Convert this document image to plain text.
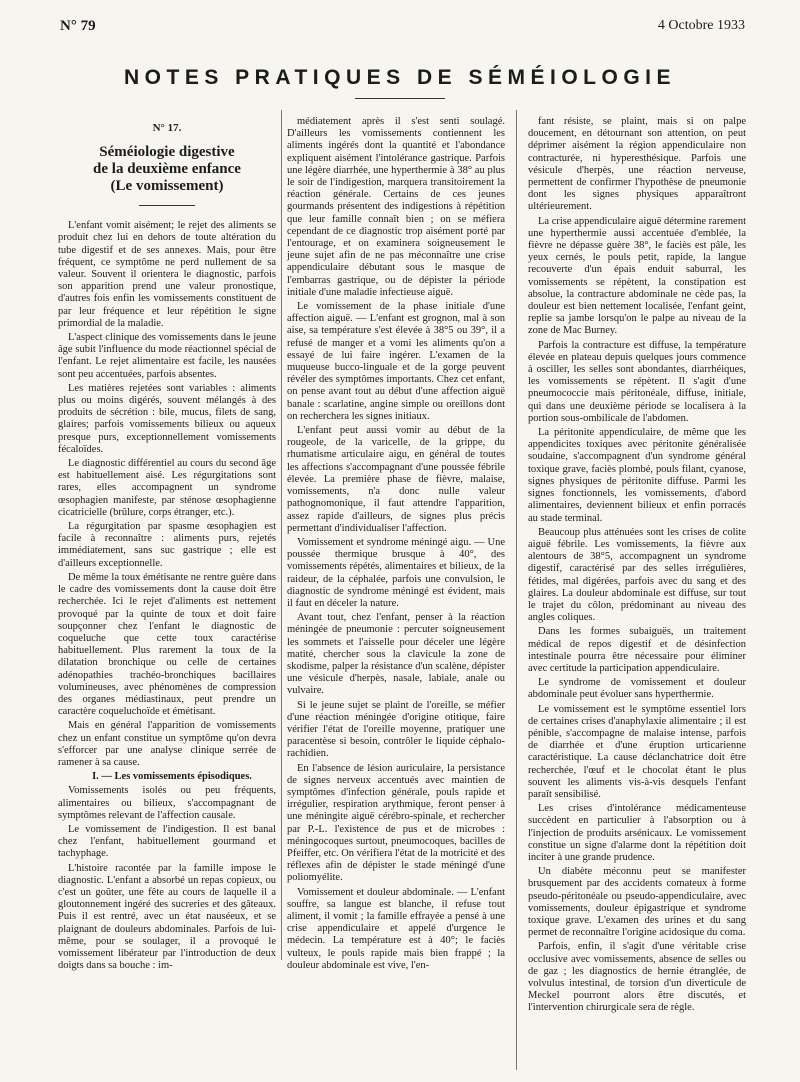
N° 79	4 Octobre 1933
NOTES PRATIQUES DE SÉMÉIOLOGIE
N° 17.
Séméiologie digestive
de la deuxième enfance
(Le vomissement)

L'enfant vomit aisément; le rejet des aliments se produit chez lui en dehors de toute altération du tube digestif et de ses annexes. Mais, pour être fréquent, ce symptôme ne perd nullement de sa valeur. Souvent il orientera le diagnostic, parfois son apparition prend une valeur pronostique, d'autres fois enfin les vomissements constituent de par leur fréquence et leur répétition le signe primordial de la maladie.

L'aspect clinique des vomissements dans le jeune âge subit l'influence du mode réactionnel spécial de l'enfant. Le rejet alimentaire est facile, les nausées sont peu accentuées, parfois absentes.

Les matières rejetées sont variables : aliments plus ou moins digérés, souvent mélangés à des produits de sécrétion : bile, mucus, filets de sang, glaires; parfois vomissements bilieux ou aqueux presque purs, exceptionnellement vomissements fécaloïdes.

Le diagnostic différentiel au cours du second âge est habituellement aisé. Les régurgitations sont rares, elles accompagnent un syndrome œsophagien manifeste, par sténose œsophagienne cicatricielle (brûlure, corps étranger, etc.).

La régurgitation par spasme œsophagien est facile à reconnaître : aliments purs, rejetés immédiatement, sans suc gastrique ; elle est d'ailleurs exceptionnelle.

De même la toux émétisante ne rentre guère dans le cadre des vomissements dont la cause doit être recherchée. Ici le rejet d'aliments est nettement provoqué par la quinte de toux et doit faire soupçonner chez l'enfant le diagnostic de coqueluche que cette toux caractérise habituellement. Plus rarement la toux de la dilatation bronchique ou celle de certaines adénopathies trachéo-bronchiques bacillaires volumineuses, avec phénomènes de compression des organes médiastinaux, peut prendre un caractère coqueluchoïde et émétisant.

Mais en général l'apparition de vomissements chez un enfant constitue un symptôme qu'on devra s'efforcer par une analyse clinique serrée de ramener à sa cause.

I. — Les vomissements épisodiques.

Vomissements isolés ou peu fréquents, alimentaires ou bilieux, s'accompagnant de symptômes relevant de l'affection causale.

Le vomissement de l'indigestion. Il est banal chez l'enfant, habituellement gourmand et tachyphage.

L'histoire racontée par la famille impose le diagnostic. L'enfant a absorbé un repas copieux, ou c'est un goûter, une fête au cours de laquelle il a gloutonnement ingéré des sucreries et des gâteaux. Puis il est rentré, avec un état nauséeux, et se plaignant de douleurs abdominales. Parfois de lui-même, pour se soulager, il a provoqué le vomissement libérateur par l'introduction de deux doigts dans sa bouche : im-

médiatement après il s'est senti soulagé. D'ailleurs les vomissements contiennent les aliments ingérés dont la quantité et l'abondance expliquent aisément l'intolérance gastrique. Parfois une légère diarrhée, une hyperthermie à 38° au plus le soir de l'indigestion, marquera transitoirement la réaction générale. Certains de ces jeunes gourmands présentent des indigestions à répétition que leur famille connaît bien ; on se méfiera cependant de ce diagnostic trop aisément porté par l'entourage, et on examinera soigneusement le jeune sujet afin de ne pas méconnaître une crise appendiculaire débutant sous le masque de l'embarras gastrique, ou de dépister la période initiale d'une maladie infectieuse aiguë.

Le vomissement de la phase initiale d'une affection aiguë. — L'enfant est grognon, mal à son aise, sa température s'est élevée à 38°5 ou 39°, il a refusé de manger et a vomi les aliments qu'on a essayé de lui faire ingérer. L'examen de la muqueuse bucco-linguale et de la gorge peuvent révéler des symptômes importants. Chez cet enfant, on pense avant tout au début d'une affection aiguë banale : scarlatine, angine simple ou oreillons dont on recherchera les signes initiaux.

L'enfant peut aussi vomir au début de la rougeole, de la varicelle, de la grippe, du rhumatisme articulaire aigu, en général de toutes les affections s'accompagnant d'une poussée fébrile élevée. La première phase de fièvre, malaise, vomissements, n'a donc nulle valeur pathognomonique, il faut attendre l'apparition, assez rapide d'ailleurs, de signes plus précis permettant d'individualiser l'affection.

Vomissement et syndrome méningé aigu. — Une poussée thermique brusque à 40°, des vomissements répétés, alimentaires et bilieux, de la raideur, de la céphalée, parfois une convulsion, le diagnostic de syndrome méningé est évident, mais il faut en déceler la nature.

Avant tout, chez l'enfant, penser à la réaction méningée de pneumonie : percuter soigneusement les sommets et l'aisselle pour déceler une légère matité, chercher sous la clavicule la zone de skodisme, palper la résistance d'un scalène, dépister une vésicule d'herpès, nasale, labiale, anale ou vulvaire.

Si le jeune sujet se plaint de l'oreille, se méfier d'une réaction méningée d'origine otitique, faire vérifier l'état de l'oreille moyenne, pratiquer une paracentèse si besoin, contrôler le liquide céphalo-rachidien.

En l'absence de lésion auriculaire, la persistance de signes nerveux accentués avec maintien de symptômes d'infection générale, pouls rapide et irrégulier, respiration arythmique, feront penser à une méningite aiguë cérébro-spinale, et rechercher par P.-L. l'existence de pus et de microbes : méningocoques surtout, pneumocoques, bacilles de Pfeiffer, etc. On vérifiera l'état de la motricité et des réflexes afin de dépister le stade méningé d'une poliomyélite.

Vomissement et douleur abdominale. — L'enfant souffre, sa langue est blanche, il refuse tout aliment, il vomit ; la famille effrayée a pensé à une crise appendiculaire et appelé d'urgence le médecin. La température est à 40°; le faciès vulteux, le pouls rapide mais bien frappé ; la douleur abdominale est vive, l'en-

fant résiste, se plaint, mais si on palpe doucement, en détournant son attention, on peut déprimer aisément la région appendiculaire non contracturée, ni hyperesthésique. Parfois une vésicule d'herpès, une réaction nerveuse, permettent de confirmer l'hypothèse de pneumonie dont les signes physiques apparaîtront ultérieurement.

La crise appendiculaire aiguë détermine rarement une hyperthermie aussi accentuée d'emblée, la fièvre ne dépasse guère 38°, le faciès est pâle, les yeux cernés, le pouls petit, rapide, la langue recouverte d'un épais enduit saburral, les vomissements se répètent, la constipation est absolue, la contracture abdominale ne cède pas, la douleur est bien nettement localisée, l'enfant geint, replie sa jambe lorsqu'on le palpe au niveau de la zone de Mac Burney.

Parfois la contracture est diffuse, la température élevée en plateau depuis quelques jours commence à osciller, les selles sont abondantes, diarrhéiques, les vomissements se répètent. Il s'agit d'une pneumococcie mais péritonéale, diffuse, initiale, qui dans une deuxième période se localisera à la portion sous-ombilicale de l'abdomen.

La péritonite appendiculaire, de même que les appendicites toxiques avec péritonite généralisée soudaine, s'accompagnent d'un syndrome général toxique grave, faciès plombé, pouls filant, cyanose, signes physiques de péritonite diffuse. Parmi les signes fonctionnels, les vomissements, d'abord alimentaires, deviennent bilieux et enfin porracés au stade terminal.

Beaucoup plus atténuées sont les crises de colite aiguë fébrile. Les vomissements, la fièvre aux alentours de 38°5, accompagnent un syndrome digestif, caractérisé par des selles irrégulières, fétides, mal digérées, parfois avec du sang et des glaires. La douleur abdominale est diffuse, sur tout le trajet du côlon, prédominant au niveau des angles coliques.

Dans les formes subaiguës, un traitement médical de repos digestif et de désinfection intestinale pourra être nécessaire pour éliminer avec certitude la participation appendiculaire.

Le syndrome de vomissement et douleur abdominale peut évoluer sans hyperthermie.

Le vomissement est le symptôme essentiel lors de certaines crises d'anaphylaxie alimentaire ; il est pénible, s'accompagne de malaise intense, parfois de diarrhée et d'une éruption urticarienne caractéristique. La cause déclanchatrice doit être recherchée, l'œuf et le chocolat étant le plus souvent les aliments vis-à-vis desquels l'enfant paraît sensibilisé.

Les crises d'intolérance médicamenteuse succèdent en particulier à l'absorption ou à l'injection de produits arsénicaux. Le vomissement constitue un signe d'alarme dont la répétition doit inciter à une grande prudence.

Un diabète méconnu peut se manifester brusquement par des accidents comateux à forme pseudo-péritonéale ou pseudo-appendiculaire, avec vomissements, douleur épigastrique et syndrome toxique grave. L'examen des urines et du sang permet de reconnaître l'origine acidosique du coma.

Parfois, enfin, il s'agit d'une véritable crise occlusive avec vomissements, absence de selles ou de gaz ; les diagnostics de hernie étranglée, de volvulus intestinal, de torsion d'un diverticule de Meckel pourront alors être discutés, et l'intervention chirurgicale sera de règle.
